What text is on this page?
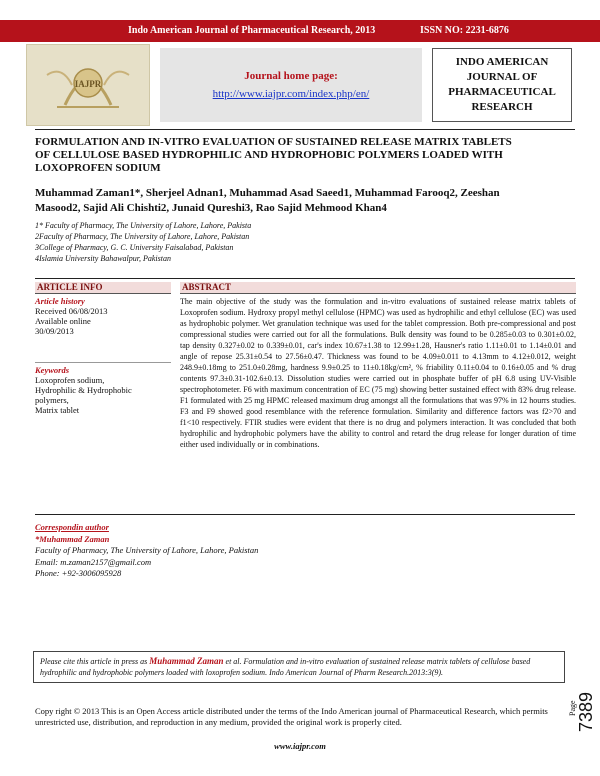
Indo American Journal of Pharmaceutical Research, 2013	ISSN NO: 2231-6876
IAJPR
Journal home page:
http://www.iajpr.com/index.php/en/
INDO AMERICAN
JOURNAL OF
PHARMACEUTICAL
RESEARCH
FORMULATION AND IN-VITRO EVALUATION OF SUSTAINED RELEASE MATRIX TABLETS
OF CELLULOSE BASED HYDROPHILIC AND HYDROPHOBIC POLYMERS LOADED WITH
LOXOPROFEN SODIUM
Muhammad Zaman1*, Sherjeel Adnan1, Muhammad Asad Saeed1, Muhammad Farooq2, Zeeshan
Masood2, Sajid Ali Chishti2, Junaid Qureshi3, Rao Sajid Mehmood Khan4
1* Faculty of Pharmacy, The University of Lahore, Lahore, Pakista
2Faculty of Pharmacy, The University of Lahore, Lahore, Pakistan
3College of Pharmacy, G. C. University Faisalabad, Pakistan
4Islamia University Bahawalpur, Pakistan
ARTICLE INFO
Article history
Received 06/08/2013
Available online
30/09/2013
Keywords
Loxoprofen sodium,
Hydrophilic & Hydrophobic
polymers,
Matrix tablet
ABSTRACT
The main objective of the study was the formulation and in-vitro evaluations of sustained release matrix tablets of Loxoprofen sodium. Hydroxy propyl methyl cellulose (HPMC) was used as hydrophilic and ethyl cellulose (EC) was used as hydrophobic polymer. Wet granulation technique was used for the tablet compression. Both pre-compressional and post compressional studies were carried out for all the formulations. Bulk density was found to be 0.285±0.03 to 0.301±0.02, tap density 0.327±0.02 to 0.339±0.01, car's index 10.67±1.38 to 12.99±1.28, Hausner's ratio 1.11±0.01 to 1.14±0.01 and angle of repose 25.31±0.54 to 27.56±0.47. Thickness was found to be 4.09±0.011 to 4.13mm to 4.12±0.012, weight 248.9±0.18mg to 251.0±0.28mg, hardness 9.9±0.25 to 11±0.18kg/cm², % friability 0.11±0.04 to 0.16±0.05 and % drug contents 97.3±0.31-102.6±0.13. Dissolution studies were carried out in phosphate buffer of pH 6.8 using UV-Visible spectrophotometer. F6 with maximum concentration of EC (75 mg) showing better sustained effect with 83% drug release. F1 formulated with 25 mg HPMC released maximum drug amongst all the formulations that was 97% in 12 hourrs studies. F3 and F9 showed good resemblance with the reference formulation. Similarity and difference factors was f2>70 and f1<10 respectively. FTIR studies were evident that there is no drug and polymers interaction. It was concluded that both hydrophilic and hydrophobic polymers have the ability to control and retard the drug release for longer duration of time either used individually or in combinations.
Correspondin author
*Muhammad Zaman
Faculty of Pharmacy, The University of Lahore, Lahore, Pakistan
Email: m.zaman2157@gmail.com
Phone: +92-3006095928
Please cite this article in press as Muhammad Zaman et al. Formulation and in-vitro evaluation of sustained release matrix tablets of cellulose based hydrophilic and hydrophobic polymers loaded with loxoprofen sodium. Indo American Journal of Pharm Research.2013:3(9).
Copy right © 2013 This is an Open Access article distributed under the terms of the Indo American journal of Pharmaceutical Research, which permits unrestricted use, distribution, and reproduction in any medium, provided the original work is properly cited.
Page 7389
www.iajpr.com
